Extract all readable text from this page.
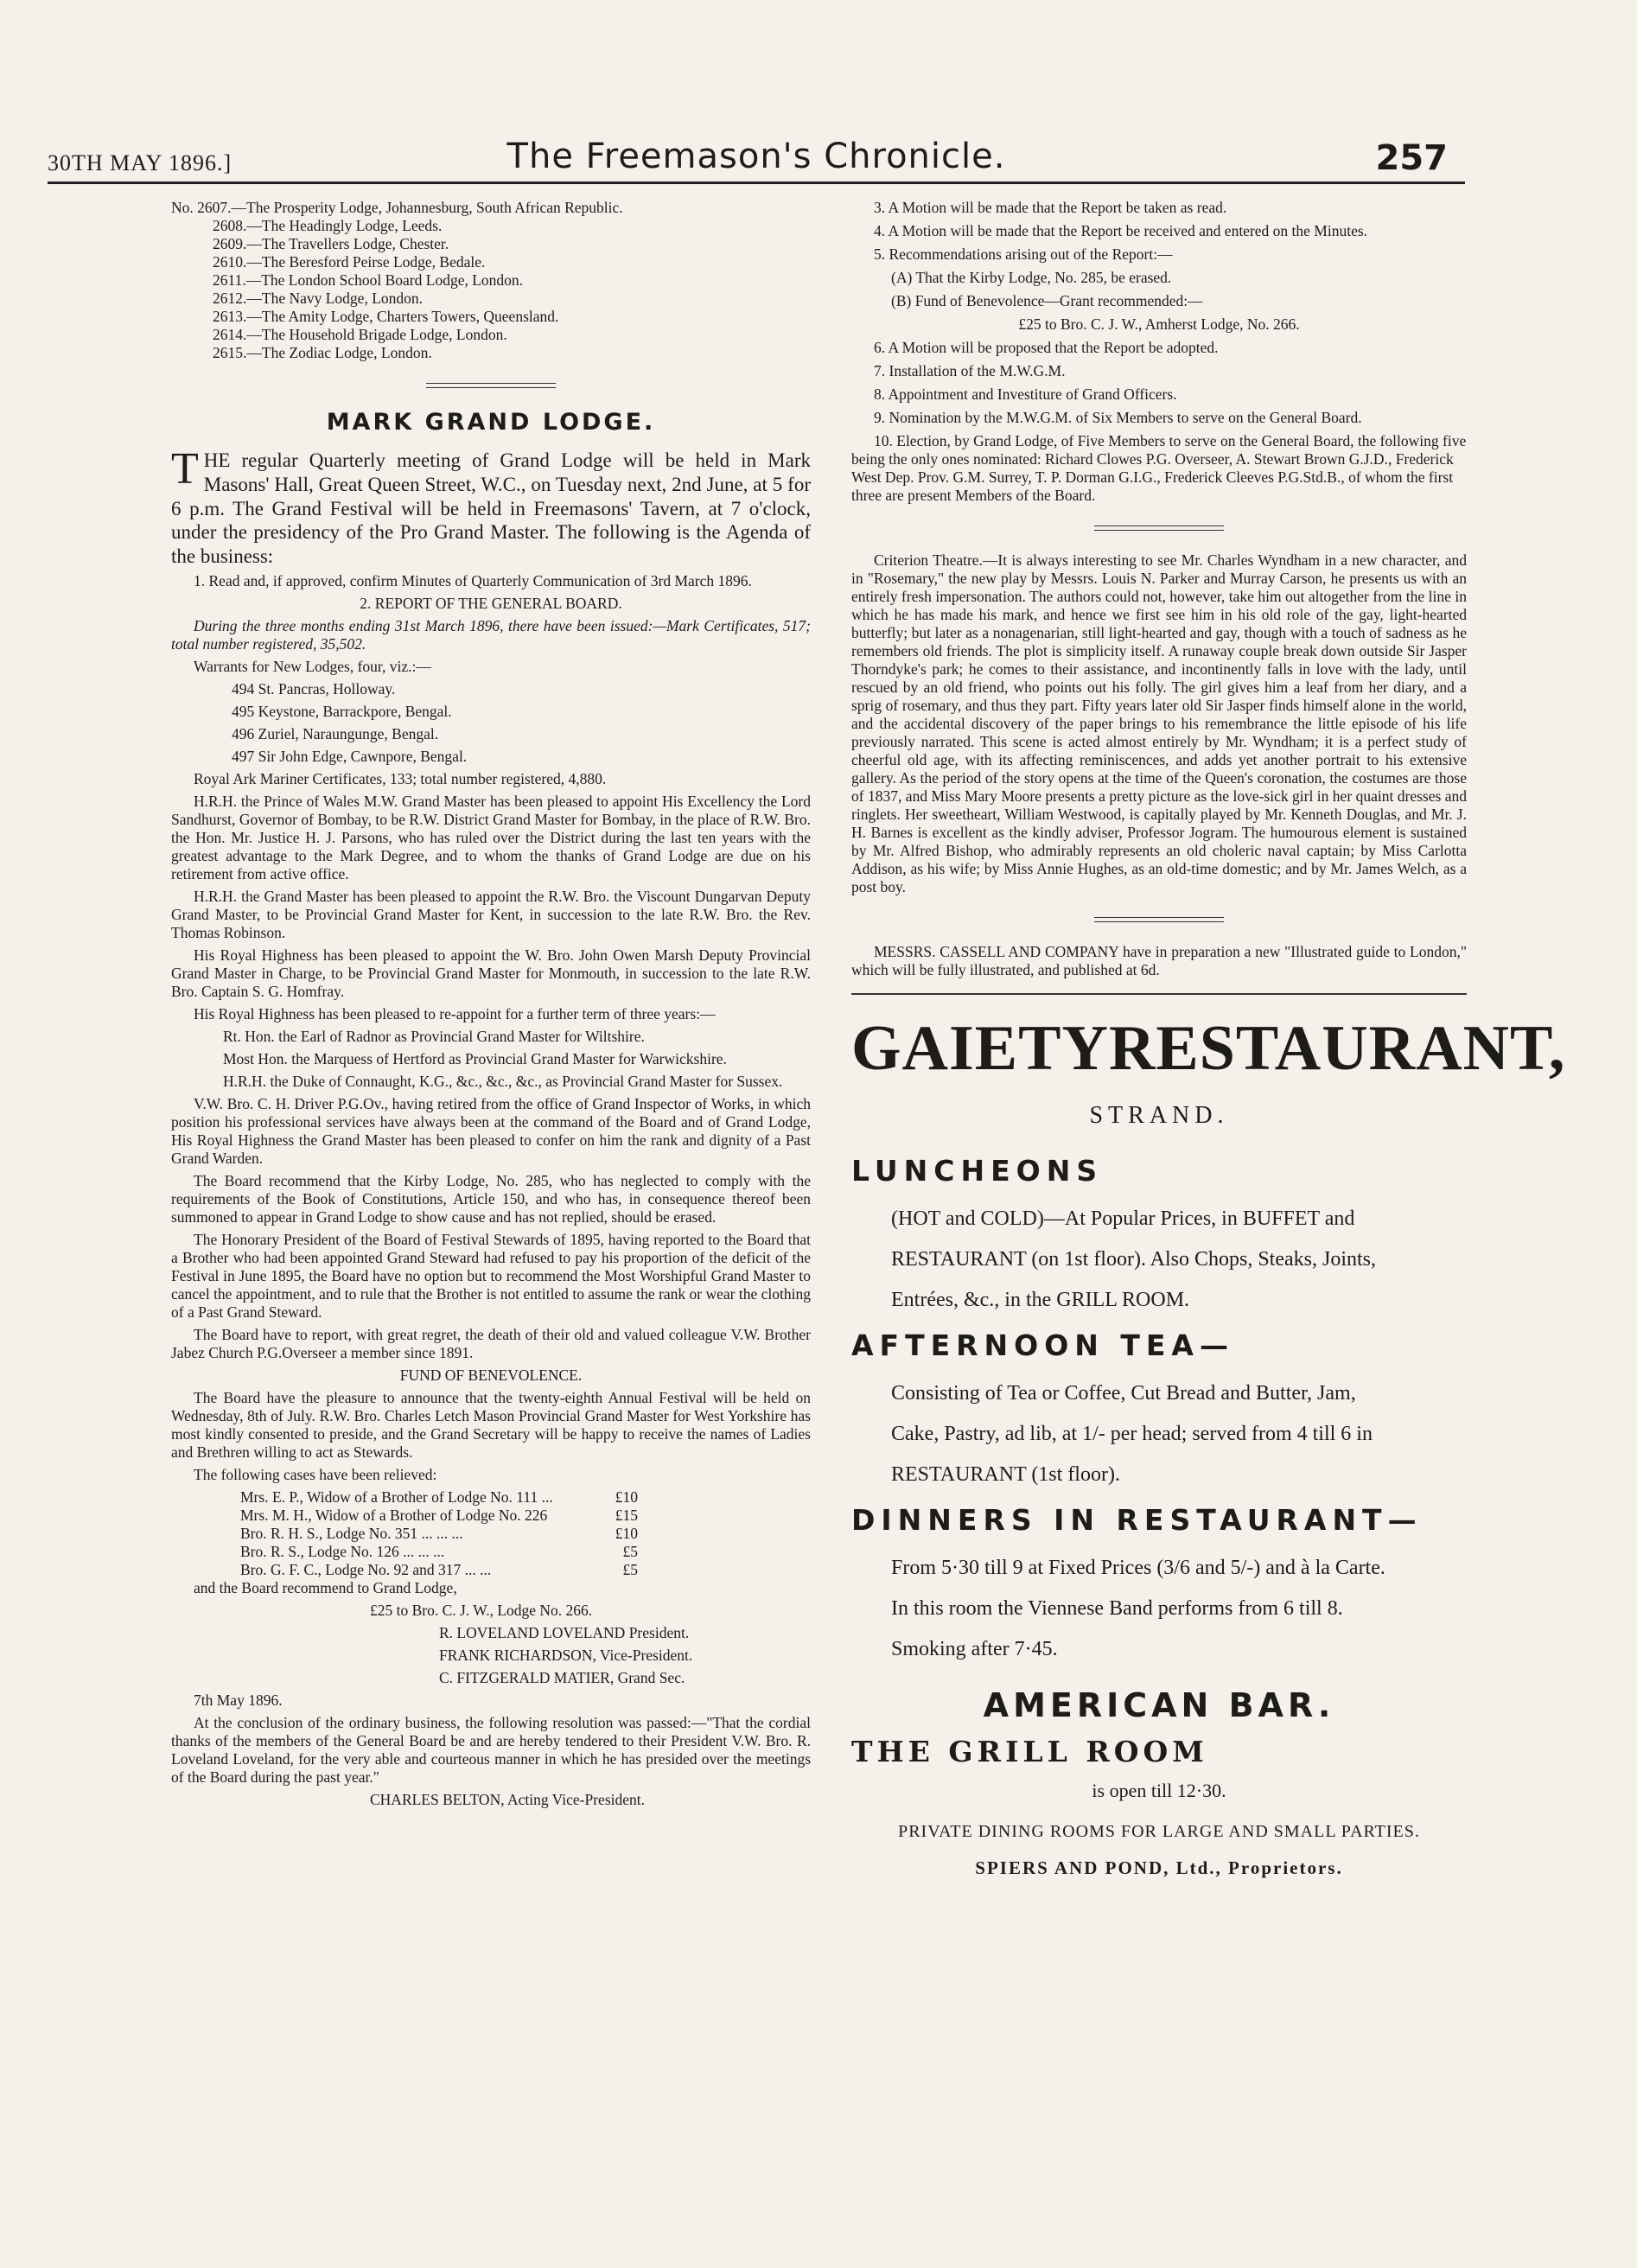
30TH MAY 1896.]	The Freemason's Chronicle.	257
No. 2607.—The Prosperity Lodge, Johannesburg, South African Republic.
2608.—The Headingly Lodge, Leeds.
2609.—The Travellers Lodge, Chester.
2610.—The Beresford Peirse Lodge, Bedale.
2611.—The London School Board Lodge, London.
2612.—The Navy Lodge, London.
2613.—The Amity Lodge, Charters Towers, Queensland.
2614.—The Household Brigade Lodge, London.
2615.—The Zodiac Lodge, London.
MARK GRAND LODGE.

THE regular Quarterly meeting of Grand Lodge will be held in Mark Masons' Hall, Great Queen Street, W.C., on Tuesday next, 2nd June, at 5 for 6 p.m. The Grand Festival will be held in Freemasons' Tavern, at 7 o'clock, under the presidency of the Pro Grand Master. The following is the Agenda of the business:

1. Read and, if approved, confirm Minutes of Quarterly Communication of 3rd March 1896.

2. REPORT OF THE GENERAL BOARD.

During the three months ending 31st March 1896, there have been issued:—Mark Certificates, 517; total number registered, 35,502.

Warrants for New Lodges, four, viz.:—

494 St. Pancras, Holloway.

495 Keystone, Barrackpore, Bengal.

496 Zuriel, Naraungunge, Bengal.

497 Sir John Edge, Cawnpore, Bengal.

Royal Ark Mariner Certificates, 133; total number registered, 4,880.

H.R.H. the Prince of Wales M.W. Grand Master has been pleased to appoint His Excellency the Lord Sandhurst, Governor of Bombay, to be R.W. District Grand Master for Bombay, in the place of R.W. Bro. the Hon. Mr. Justice H. J. Parsons, who has ruled over the District during the last ten years with the greatest advantage to the Mark Degree, and to whom the thanks of Grand Lodge are due on his retirement from active office.

H.R.H. the Grand Master has been pleased to appoint the R.W. Bro. the Viscount Dungarvan Deputy Grand Master, to be Provincial Grand Master for Kent, in succession to the late R.W. Bro. the Rev. Thomas Robinson.

His Royal Highness has been pleased to appoint the W. Bro. John Owen Marsh Deputy Provincial Grand Master in Charge, to be Provincial Grand Master for Monmouth, in succession to the late R.W. Bro. Captain S. G. Homfray.

His Royal Highness has been pleased to re-appoint for a further term of three years:—

Rt. Hon. the Earl of Radnor as Provincial Grand Master for Wiltshire.

Most Hon. the Marquess of Hertford as Provincial Grand Master for Warwickshire.

H.R.H. the Duke of Connaught, K.G., &c., &c., &c., as Provincial Grand Master for Sussex.

V.W. Bro. C. H. Driver P.G.Ov., having retired from the office of Grand Inspector of Works, in which position his professional services have always been at the command of the Board and of Grand Lodge, His Royal Highness the Grand Master has been pleased to confer on him the rank and dignity of a Past Grand Warden.

The Board recommend that the Kirby Lodge, No. 285, who has neglected to comply with the requirements of the Book of Constitutions, Article 150, and who has, in consequence thereof been summoned to appear in Grand Lodge to show cause and has not replied, should be erased.

The Honorary President of the Board of Festival Stewards of 1895, having reported to the Board that a Brother who had been appointed Grand Steward had refused to pay his proportion of the deficit of the Festival in June 1895, the Board have no option but to recommend the Most Worshipful Grand Master to cancel the appointment, and to rule that the Brother is not entitled to assume the rank or wear the clothing of a Past Grand Steward.

The Board have to report, with great regret, the death of their old and valued colleague V.W. Brother Jabez Church P.G.Overseer a member since 1891.

FUND OF BENEVOLENCE.

The Board have the pleasure to announce that the twenty-eighth Annual Festival will be held on Wednesday, 8th of July. R.W. Bro. Charles Letch Mason Provincial Grand Master for West Yorkshire has most kindly consented to preside, and the Grand Secretary will be happy to receive the names of Ladies and Brethren willing to act as Stewards.

The following cases have been relieved:

Mrs. E. P., Widow of a Brother of Lodge No. 111 ...	£10
Mrs. M. H., Widow of a Brother of Lodge No. 226	£15
Bro. R. H. S., Lodge No. 351 ... ... ...	£10
Bro. R. S., Lodge No. 126 ... ... ...	£5
Bro. G. F. C., Lodge No. 92 and 317 ... ...	£5

and the Board recommend to Grand Lodge,

£25 to Bro. C. J. W., Lodge No. 266.

R. LOVELAND LOVELAND President.

FRANK RICHARDSON, Vice-President.

C. FITZGERALD MATIER, Grand Sec.

7th May 1896.

At the conclusion of the ordinary business, the following resolution was passed:—"That the cordial thanks of the members of the General Board be and are hereby tendered to their President V.W. Bro. R. Loveland Loveland, for the very able and courteous manner in which he has presided over the meetings of the Board during the past year."

CHARLES BELTON, Acting Vice-President.

3. A Motion will be made that the Report be taken as read.

4. A Motion will be made that the Report be received and entered on the Minutes.

5. Recommendations arising out of the Report:—

(A) That the Kirby Lodge, No. 285, be erased.

(B) Fund of Benevolence—Grant recommended:—

£25 to Bro. C. J. W., Amherst Lodge, No. 266.

6. A Motion will be proposed that the Report be adopted.

7. Installation of the M.W.G.M.

8. Appointment and Investiture of Grand Officers.

9. Nomination by the M.W.G.M. of Six Members to serve on the General Board.

10. Election, by Grand Lodge, of Five Members to serve on the General Board, the following five being the only ones nominated: Richard Clowes P.G. Overseer, A. Stewart Brown G.J.D., Frederick West Dep. Prov. G.M. Surrey, T. P. Dorman G.I.G., Frederick Cleeves P.G.Std.B., of whom the first three are present Members of the Board.

Criterion Theatre.—It is always interesting to see Mr. Charles Wyndham in a new character, and in "Rosemary," the new play by Messrs. Louis N. Parker and Murray Carson, he presents us with an entirely fresh impersonation. The authors could not, however, take him out altogether from the line in which he has made his mark, and hence we first see him in his old role of the gay, light-hearted butterfly; but later as a nonagenarian, still light-hearted and gay, though with a touch of sadness as he remembers old friends. The plot is simplicity itself. A runaway couple break down outside Sir Jasper Thorndyke's park; he comes to their assistance, and incontinently falls in love with the lady, until rescued by an old friend, who points out his folly. The girl gives him a leaf from her diary, and a sprig of rosemary, and thus they part. Fifty years later old Sir Jasper finds himself alone in the world, and the accidental discovery of the paper brings to his remembrance the little episode of his life previously narrated. This scene is acted almost entirely by Mr. Wyndham; it is a perfect study of cheerful old age, with its affecting reminiscences, and adds yet another portrait to his extensive gallery. As the period of the story opens at the time of the Queen's coronation, the costumes are those of 1837, and Miss Mary Moore presents a pretty picture as the love-sick girl in her quaint dresses and ringlets. Her sweetheart, William Westwood, is capitally played by Mr. Kenneth Douglas, and Mr. J. H. Barnes is excellent as the kindly adviser, Professor Jogram. The humourous element is sustained by Mr. Alfred Bishop, who admirably represents an old choleric naval captain; by Miss Carlotta Addison, as his wife; by Miss Annie Hughes, as an old-time domestic; and by Mr. James Welch, as a post boy.

MESSRS. CASSELL AND COMPANY have in preparation a new "Illustrated guide to London," which will be fully illustrated, and published at 6d.

GAIETY RESTAURANT,
STRAND.
LUNCHEONS
(HOT and COLD)—At Popular Prices, in BUFFET and
RESTAURANT (on 1st floor). Also Chops, Steaks, Joints,
Entrées, &c., in the GRILL ROOM.
AFTERNOON TEA—
Consisting of Tea or Coffee, Cut Bread and Butter, Jam,
Cake, Pastry, ad lib, at 1/- per head; served from 4 till 6 in
RESTAURANT (1st floor).
DINNERS IN RESTAURANT—
From 5·30 till 9 at Fixed Prices (3/6 and 5/-) and à la Carte.
In this room the Viennese Band performs from 6 till 8.
Smoking after 7·45.
AMERICAN BAR.
THE GRILL ROOM
is open till 12·30.
PRIVATE DINING ROOMS FOR LARGE AND SMALL PARTIES.
SPIERS AND POND, Ltd., Proprietors.
